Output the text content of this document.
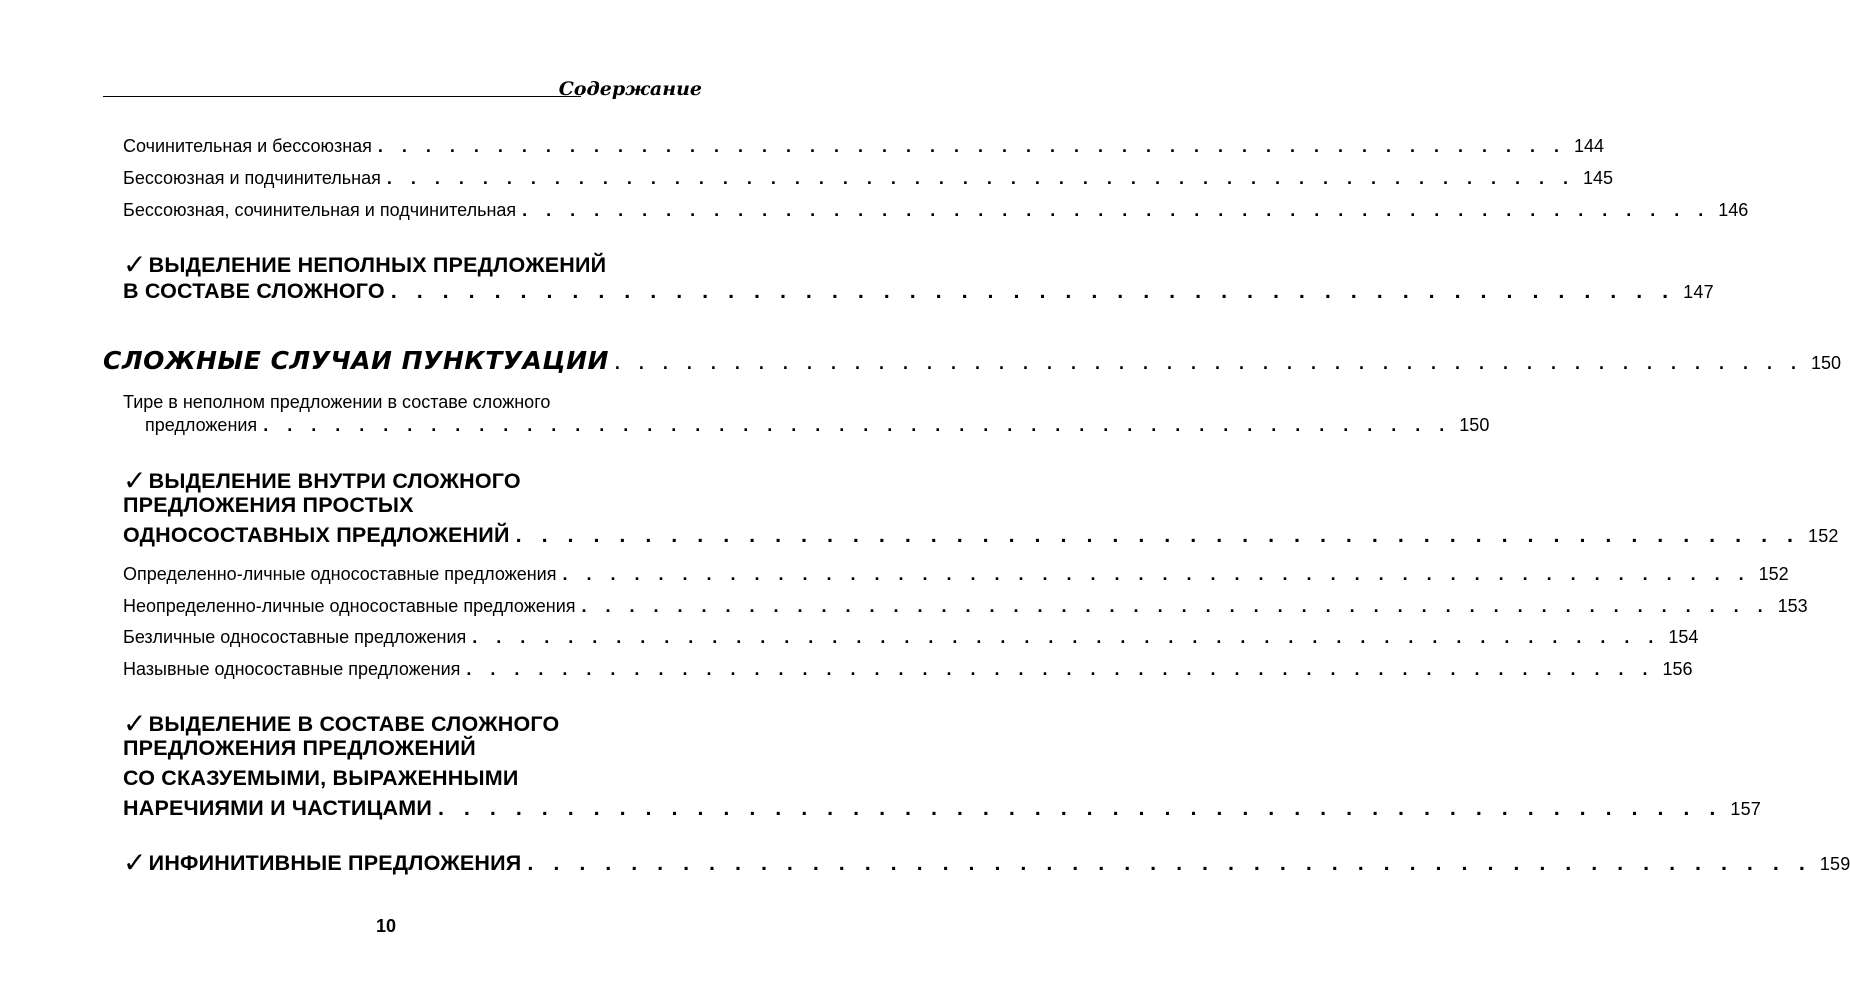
Содержание
Сочинительная и бессоюзная . . . . . . . . . . . . . . . . . . . . . . . . . . . . . . . . . . . . . . . . . . . . . . . . . . 144
Бессоюзная и подчинительная . . . . . . . . . . . . . . . . . . . . . . . . . . . . . . . . . . . . . . . . . . . . . . . . . . 145
Бессоюзная, сочинительная и подчинительная . . . . . . . . . . . . . . . . . . . . . . . . . . . . . . . . . . . . . . . . . . . . . . . . . . 146
✓ВЫДЕЛЕНИЕ НЕПОЛНЫХ ПРЕДЛОЖЕНИЙ
В СОСТАВЕ СЛОЖНОГО . . . . . . . . . . . . . . . . . . . . . . . . . . . . . . . . . . . . . . . . . . . . . . . . . . 147
СЛОЖНЫЕ СЛУЧАИ ПУНКТУАЦИИ . . . . . . . . . . . . . . . . . . . . . . . . . . . . . . . . . . . . . . . . . . . . . . . . . . 150
Тире в неполном предложении в составе сложного
предложения . . . . . . . . . . . . . . . . . . . . . . . . . . . . . . . . . . . . . . . . . . . . . . . . . . 150
✓ВЫДЕЛЕНИЕ ВНУТРИ СЛОЖНОГО
ПРЕДЛОЖЕНИЯ ПРОСТЫХ
ОДНОСОСТАВНЫХ ПРЕДЛОЖЕНИЙ . . . . . . . . . . . . . . . . . . . . . . . . . . . . . . . . . . . . . . . . . . . . . . . . . . 152
Определенно-личные односоставные предложения . . . . . . . . . . . . . . . . . . . . . . . . . . . . . . . . . . . . . . . . . . . . . . . . . . 152
Неопределенно-личные односоставные предложения . . . . . . . . . . . . . . . . . . . . . . . . . . . . . . . . . . . . . . . . . . . . . . . . . . 153
Безличные односоставные предложения . . . . . . . . . . . . . . . . . . . . . . . . . . . . . . . . . . . . . . . . . . . . . . . . . . 154
Назывные односоставные предложения . . . . . . . . . . . . . . . . . . . . . . . . . . . . . . . . . . . . . . . . . . . . . . . . . . 156
✓ВЫДЕЛЕНИЕ В СОСТАВЕ СЛОЖНОГО
ПРЕДЛОЖЕНИЯ ПРЕДЛОЖЕНИЙ
СО СКАЗУЕМЫМИ, ВЫРАЖЕННЫМИ
НАРЕЧИЯМИ И ЧАСТИЦАМИ . . . . . . . . . . . . . . . . . . . . . . . . . . . . . . . . . . . . . . . . . . . . . . . . . . 157
✓ИНФИНИТИВНЫЕ ПРЕДЛОЖЕНИЯ . . . . . . . . . . . . . . . . . . . . . . . . . . . . . . . . . . . . . . . . . . . . . . . . . . 159
10
